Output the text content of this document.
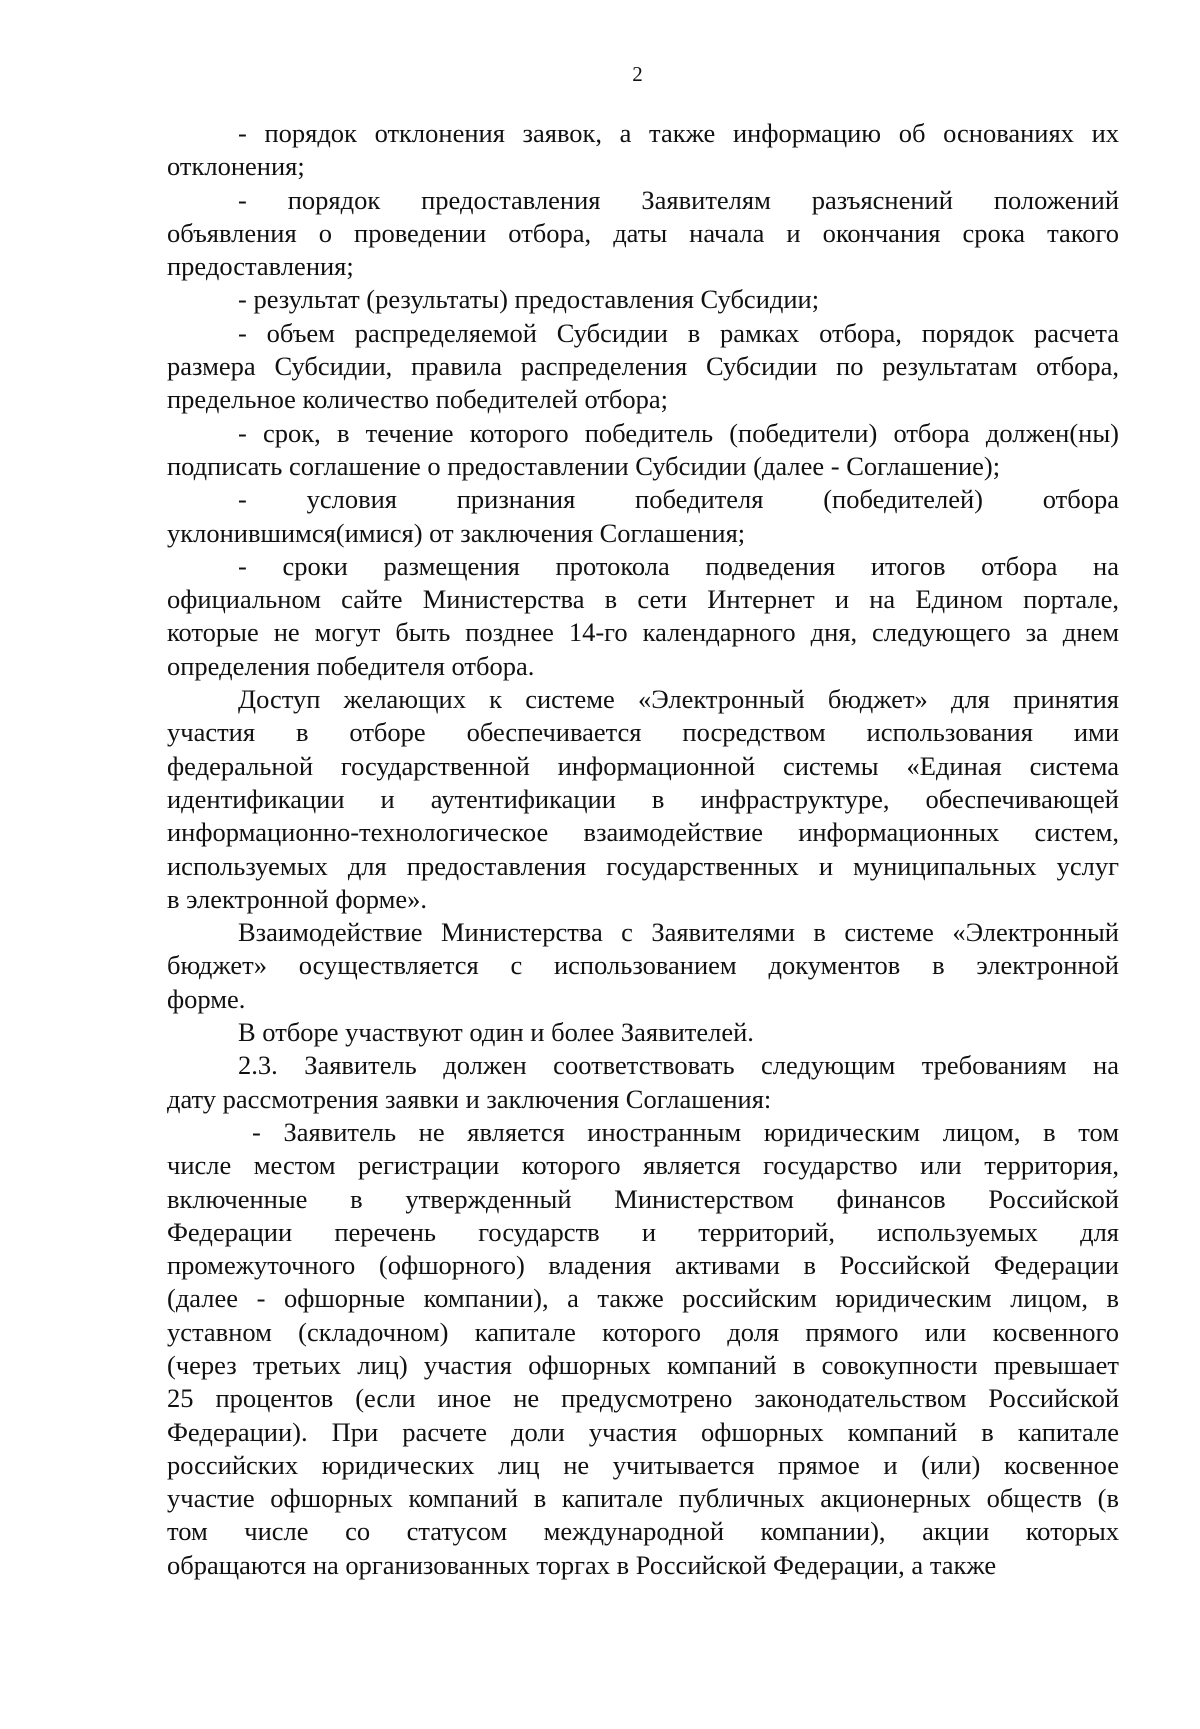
2
- порядок отклонения заявок, а также информацию об основаниях их
отклонения;
- порядок предоставления Заявителям разъяснений положений
объявления о проведении отбора, даты начала и окончания срока такого
предоставления;
- результат (результаты) предоставления Субсидии;
- объем распределяемой Субсидии в рамках отбора, порядок расчета
размера Субсидии, правила распределения Субсидии по результатам отбора,
предельное количество победителей отбора;
- срок, в течение которого победитель (победители) отбора должен(ны)
подписать соглашение о предоставлении Субсидии (далее - Соглашение);
- условия признания победителя (победителей) отбора
уклонившимся(имися) от заключения Соглашения;
- сроки размещения протокола подведения итогов отбора на
официальном сайте Министерства в сети Интернет и на Едином портале,
которые не могут быть позднее 14-го календарного дня, следующего за днем
определения победителя отбора.
Доступ желающих к системе «Электронный бюджет» для принятия
участия в отборе обеспечивается посредством использования ими
федеральной государственной информационной системы «Единая система
идентификации и аутентификации в инфраструктуре, обеспечивающей
информационно-технологическое взаимодействие информационных систем,
используемых для предоставления государственных и муниципальных услуг
в электронной форме».
Взаимодействие Министерства с Заявителями в системе «Электронный
бюджет» осуществляется с использованием документов в электронной
форме.
В отборе участвуют один и более Заявителей.
2.3. Заявитель должен соответствовать следующим требованиям на
дату рассмотрения заявки и заключения Соглашения:
- Заявитель не является иностранным юридическим лицом, в том
числе местом регистрации которого является государство или территория,
включенные в утвержденный Министерством финансов Российской
Федерации перечень государств и территорий, используемых для
промежуточного (офшорного) владения активами в Российской Федерации
(далее - офшорные компании), а также российским юридическим лицом, в
уставном (складочном) капитале которого доля прямого или косвенного
(через третьих лиц) участия офшорных компаний в совокупности превышает
25 процентов (если иное не предусмотрено законодательством Российской
Федерации). При расчете доли участия офшорных компаний в капитале
российских юридических лиц не учитывается прямое и (или) косвенное
участие офшорных компаний в капитале публичных акционерных обществ (в
том числе со статусом международной компании), акции которых
обращаются на организованных торгах в Российской Федерации, а также
